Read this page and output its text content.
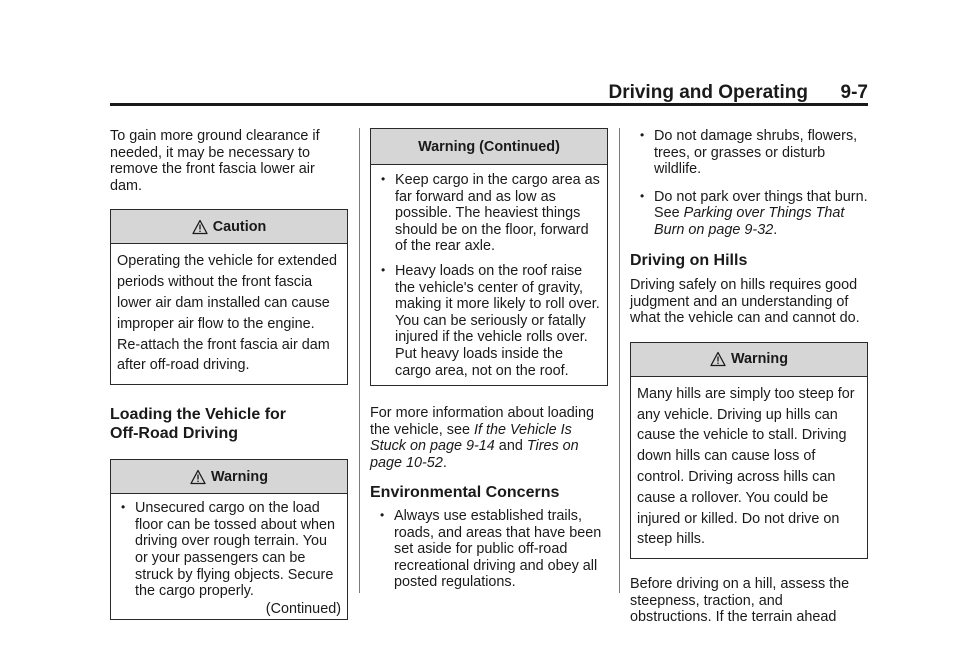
Driving and Operating 9-7

To gain more ground clearance if needed, it may be necessary to remove the front fascia lower air dam.

Caution
Operating the vehicle for extended periods without the front fascia lower air dam installed can cause improper air flow to the engine. Re-attach the front fascia air dam after off-road driving.
Loading the Vehicle for Off-Road Driving
Warning
• Unsecured cargo on the load floor can be tossed about when driving over rough terrain. You or your passengers can be struck by flying objects. Secure the cargo properly.
(Continued)
Warning (Continued)
• Keep cargo in the cargo area as far forward and as low as possible. The heaviest things should be on the floor, forward of the rear axle.
• Heavy loads on the roof raise the vehicle's center of gravity, making it more likely to roll over. You can be seriously or fatally injured if the vehicle rolls over. Put heavy loads inside the cargo area, not on the roof.

For more information about loading the vehicle, see If the Vehicle Is Stuck on page 9-14 and Tires on page 10-52.

Environmental Concerns
• Always use established trails, roads, and areas that have been set aside for public off-road recreational driving and obey all posted regulations.
• Do not damage shrubs, flowers, trees, or grasses or disturb wildlife.
• Do not park over things that burn. See Parking over Things That Burn on page 9-32.
Driving on Hills

Driving safely on hills requires good judgment and an understanding of what the vehicle can and cannot do.

Warning
Many hills are simply too steep for any vehicle. Driving up hills can cause the vehicle to stall. Driving down hills can cause loss of control. Driving across hills can cause a rollover. You could be injured or killed. Do not drive on steep hills.

Before driving on a hill, assess the steepness, traction, and obstructions. If the terrain ahead
